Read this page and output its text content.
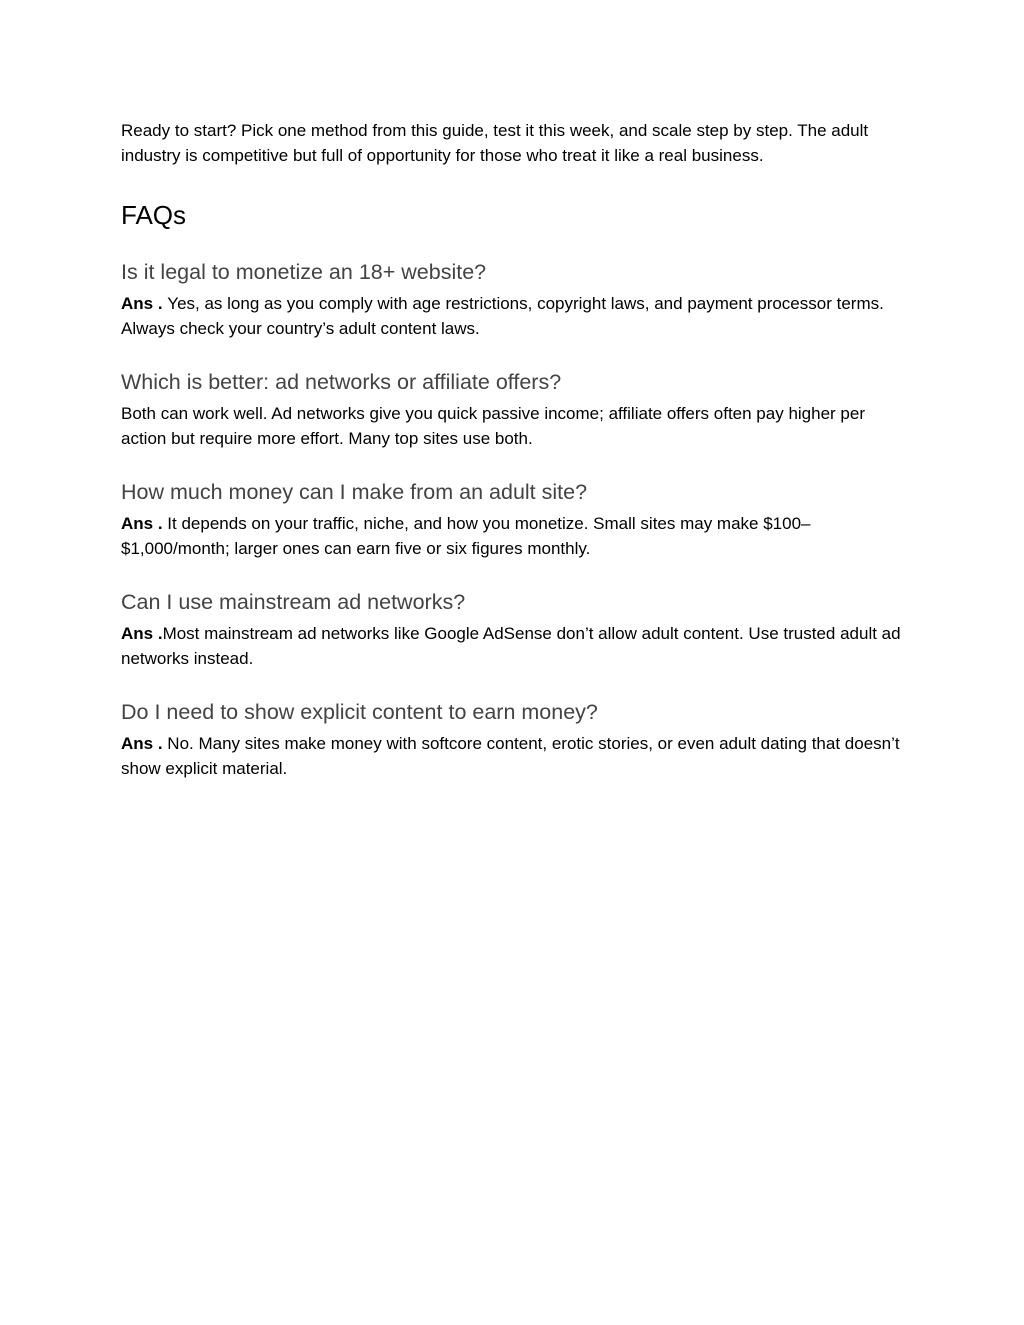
Ready to start? Pick one method from this guide, test it this week, and scale step by step. The adult industry is competitive but full of opportunity for those who treat it like a real business.

FAQs
Is it legal to monetize an 18+ website?

Ans . Yes, as long as you comply with age restrictions, copyright laws, and payment processor terms. Always check your country’s adult content laws.

Which is better: ad networks or affiliate offers?

Both can work well. Ad networks give you quick passive income; affiliate offers often pay higher per action but require more effort. Many top sites use both.

How much money can I make from an adult site?

Ans . It depends on your traffic, niche, and how you monetize. Small sites may make $100–$1,000/month; larger ones can earn five or six figures monthly.

Can I use mainstream ad networks?

Ans .Most mainstream ad networks like Google AdSense don’t allow adult content. Use trusted adult ad networks instead.

Do I need to show explicit content to earn money?

Ans . No. Many sites make money with softcore content, erotic stories, or even adult dating that doesn’t show explicit material.
